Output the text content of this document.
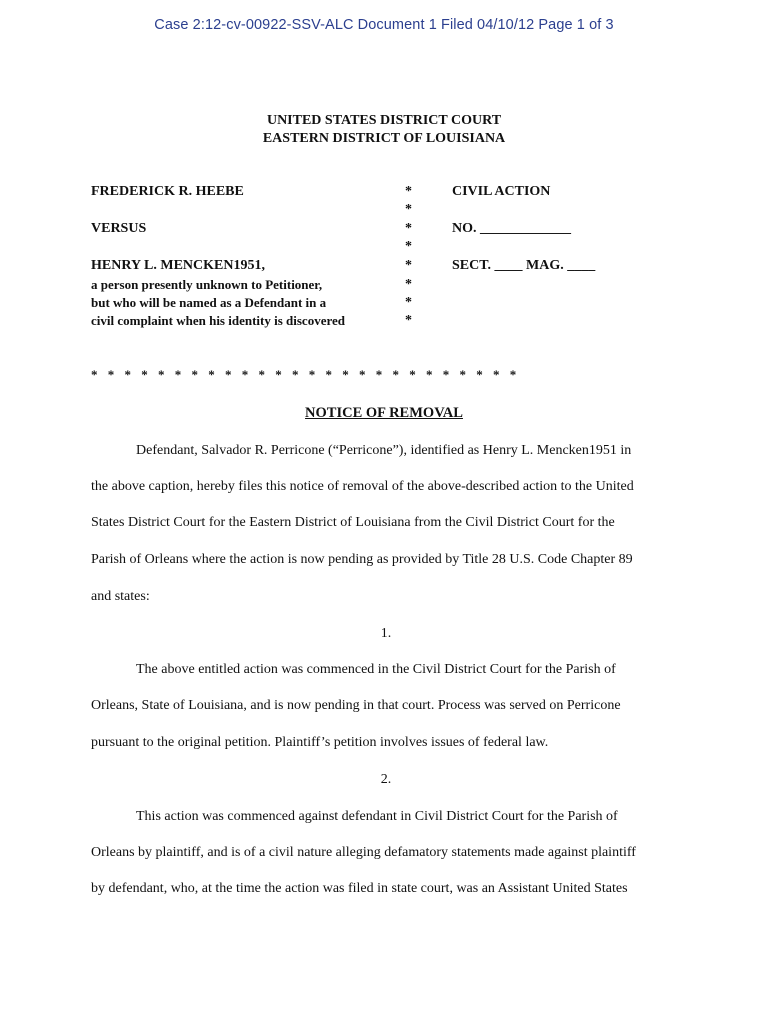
Case 2:12-cv-00922-SSV-ALC Document 1 Filed 04/10/12 Page 1 of 3
UNITED STATES DISTRICT COURT
EASTERN DISTRICT OF LOUISIANA
FREDERICK R. HEEBE
VERSUS
HENRY L. MENCKEN1951,
a person presently unknown to Petitioner,
but who will be named as a Defendant in a
civil complaint when his identity is discovered
*
*
*
*
*
*
*
*
CIVIL ACTION
NO. _____________
SECT. ____ MAG. ____
* * * * * * * * * * * * * * * * * * * * * * * * * *
NOTICE OF REMOVAL
Defendant, Salvador R. Perricone (“Perricone”), identified as Henry L. Mencken1951 in
the above caption, hereby files this notice of removal of the above-described action to the United
States District Court for the Eastern District of Louisiana from the Civil District Court for the
Parish of Orleans where the action is now pending as provided by Title 28 U.S. Code Chapter 89
and states:
1.
The above entitled action was commenced in the Civil District Court for the Parish of
Orleans, State of Louisiana, and is now pending in that court. Process was served on Perricone
pursuant to the original petition. Plaintiff’s petition involves issues of federal law.
2.
This action was commenced against defendant in Civil District Court for the Parish of
Orleans by plaintiff, and is of a civil nature alleging defamatory statements made against plaintiff
by defendant, who, at the time the action was filed in state court, was an Assistant United States
